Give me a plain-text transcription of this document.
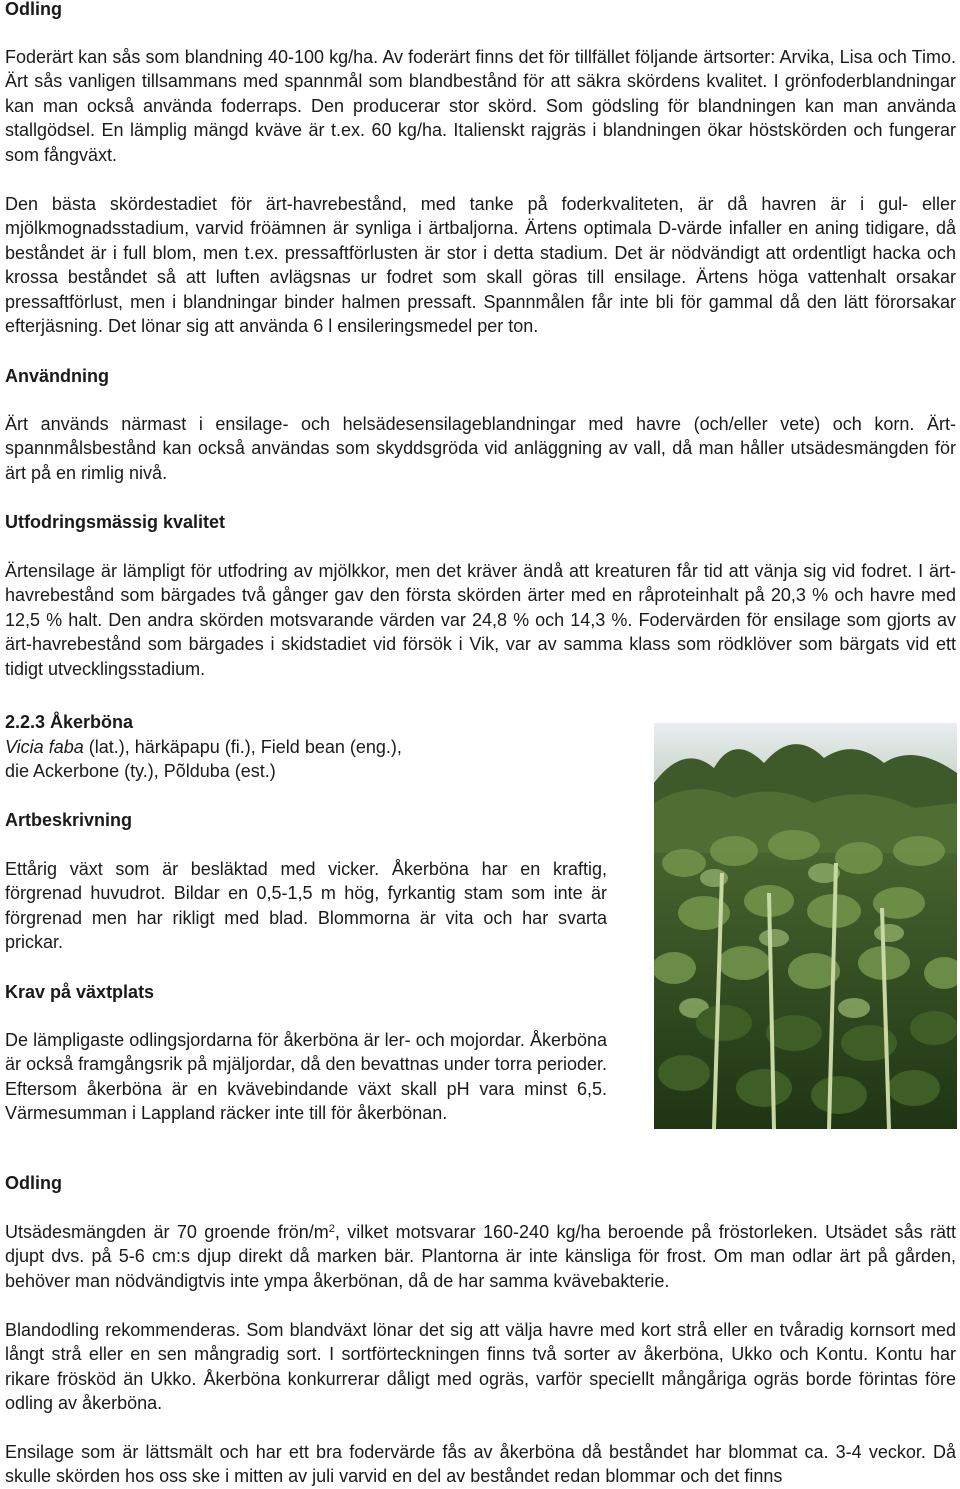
Odling

Foderärt kan sås som blandning 40-100 kg/ha. Av foderärt finns det för tillfället följande ärtsorter: Arvika, Lisa och Timo. Ärt sås vanligen tillsammans med spannmål som blandbestånd för att säkra skördens kvalitet. I grönfoderblandningar kan man också använda foderraps. Den producerar stor skörd. Som gödsling för blandningen kan man använda stallgödsel. En lämplig mängd kväve är t.ex. 60 kg/ha. Italienskt rajgräs i blandningen ökar höstskörden och fungerar som fångväxt.

Den bästa skördestadiet för ärt-havrebestånd, med tanke på foderkvaliteten, är då havren är i gul- eller mjölkmognadsstadium, varvid fröämnen är synliga i ärtbaljorna. Ärtens optimala D-värde infaller en aning tidigare, då beståndet är i full blom, men t.ex. pressaftförlusten är stor i detta stadium. Det är nödvändigt att ordentligt hacka och krossa beståndet så att luften avlägsnas ur fodret som skall göras till ensilage. Ärtens höga vattenhalt orsakar pressaftförlust, men i blandningar binder halmen pressaft. Spannmålen får inte bli för gammal då den lätt förorsakar efterjäsning. Det lönar sig att använda 6 l ensileringsmedel per ton.

Användning

Ärt används närmast i ensilage- och helsädesensilageblandningar med havre (och/eller vete) och korn. Ärt-spannmålsbestånd kan också användas som skyddsgröda vid anläggning av vall, då man håller utsädesmängden för ärt på en rimlig nivå.

Utfodringsmässig kvalitet

Ärtensilage är lämpligt för utfodring av mjölkkor, men det kräver ändå att kreaturen får tid att vänja sig vid fodret. I ärt-havrebestånd som bärgades två gånger gav den första skörden ärter med en råproteinhalt på 20,3 % och havre med 12,5 % halt. Den andra skörden motsvarande värden var 24,8 % och 14,3 %. Fodervärden för ensilage som gjorts av ärt-havrebestånd som bärgades i skidstadiet vid försök i Vik, var av samma klass som rödklöver som bärgats vid ett tidigt utvecklingsstadium.

2.2.3 Åkerböna

Vicia faba (lat.), härkäpapu (fi.), Field bean (eng.),
die Ackerbone (ty.), Põlduba (est.)

Artbeskrivning

Ettårig växt som är besläktad med vicker. Åkerböna har en kraftig, förgrenad huvudrot. Bildar en 0,5-1,5 m hög, fyrkantig stam som inte är förgrenad men har rikligt med blad. Blommorna är vita och har svarta prickar.

Krav på växtplats

De lämpligaste odlingsjordarna för åkerböna är ler- och mojordar. Åkerböna är också framgångsrik på mjäljordar, då den bevattnas under torra perioder. Eftersom åkerböna är en kvävebindande växt skall pH vara minst 6,5. Värmesumman i Lappland räcker inte till för åkerbönan.

Odling

Utsädesmängden är 70 groende frön/$m^2$, vilket motsvarar 160-240 kg/ha beroende på fröstorleken. Utsädet sås rätt djupt dvs. på 5-6 cm:s djup direkt då marken bär. Plantorna är inte känsliga för frost. Om man odlar ärt på gården, behöver man nödvändigtvis inte ympa åkerbönan, då de har samma kvävebakterie.

Blandodling rekommenderas. Som blandväxt lönar det sig att välja havre med kort strå eller en tvåradig kornsort med långt strå eller en sen mångradig sort. I sortförteckningen finns två sorter av åkerböna, Ukko och Kontu. Kontu har rikare frösköd än Ukko. Åkerböna konkurrerar dåligt med ogräs, varför speciellt mångåriga ogräs borde förintas före odling av åkerböna.

Ensilage som är lättsmält och har ett bra fodervärde fås av åkerböna då beståndet har blommat ca. 3-4 veckor. Då skulle skörden hos oss ske i mitten av juli varvid en del av beståndet redan blommar och det finns
